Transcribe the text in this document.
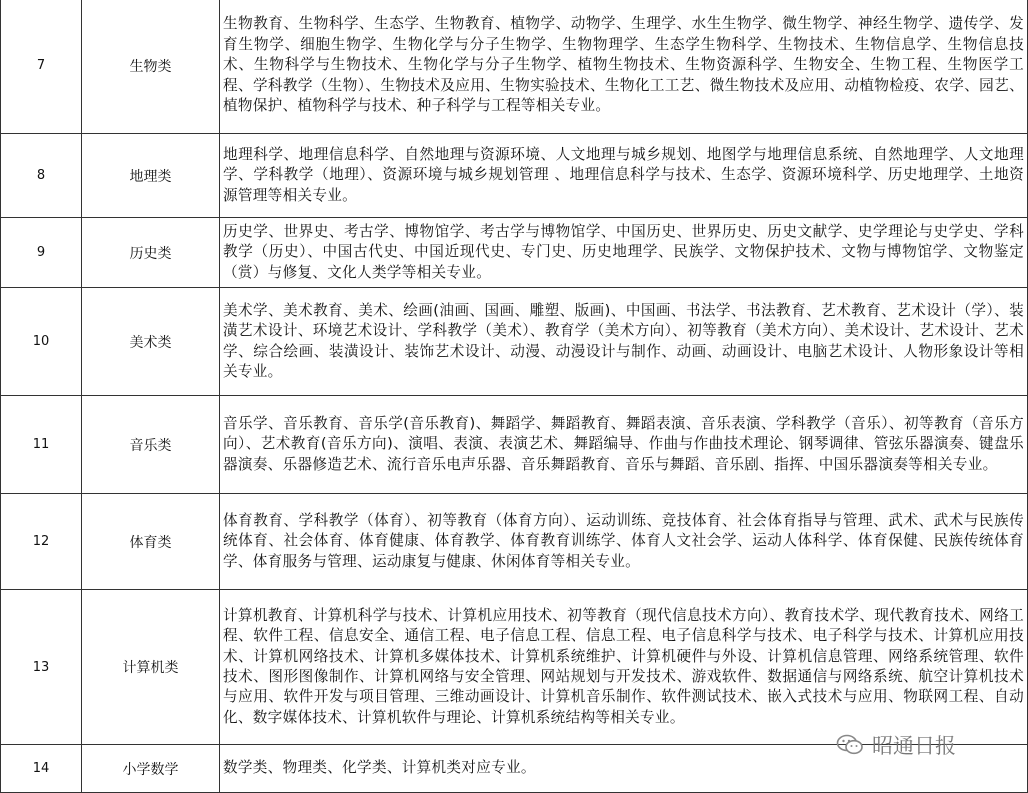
7	生物类	生物教育、生物科学、生态学、生物教育、植物学、动物学、生理学、水生生物学、微生物学、神经生物学、遗传学、发育生物学、细胞生物学、生物化学与分子生物学、生物物理学、生态学生物科学、生物技术、生物信息学、生物信息技术、生物科学与生物技术、生物化学与分子生物学、植物生物技术、生物资源科学、生物安全、生物工程、生物医学工程、学科教学（生物）、生物技术及应用、生物实验技术、生物化工工艺、微生物技术及应用、动植物检疫、农学、园艺、植物保护、植物科学与技术、种子科学与工程等相关专业。

8	地理类	地理科学、地理信息科学、自然地理与资源环境、人文地理与城乡规划、地图学与地理信息系统、自然地理学、人文地理学、学科教学（地理）、资源环境与城乡规划管理 、地理信息科学与技术、生态学、资源环境科学、历史地理学、土地资源管理等相关专业。

9	历史类	历史学、世界史、考古学、博物馆学、考古学与博物馆学、中国历史、世界历史、历史文献学、史学理论与史学史、学科教学（历史）、中国古代史、中国近现代史、专门史、历史地理学、民族学、文物保护技术、文物与博物馆学、文物鉴定（赏）与修复、文化人类学等相关专业。

10	美术类	美术学、美术教育、美术、绘画(油画、国画、雕塑、版画)、中国画、书法学、书法教育、艺术教育、艺术设计（学）、装潢艺术设计、环境艺术设计、学科教学（美术）、教育学（美术方向）、初等教育（美术方向）、美术设计、艺术设计、艺术学、综合绘画、装潢设计、装饰艺术设计、动漫、动漫设计与制作、动画、动画设计、电脑艺术设计、人物形象设计等相关专业。

11	音乐类	音乐学、音乐教育、音乐学(音乐教育)、舞蹈学、舞蹈教育、舞蹈表演、音乐表演、学科教学（音乐）、初等教育（音乐方向）、艺术教育(音乐方向)、演唱、表演、表演艺术、舞蹈编导、作曲与作曲技术理论、钢琴调律、管弦乐器演奏、键盘乐器演奏、乐器修造艺术、流行音乐电声乐器、音乐舞蹈教育、音乐与舞蹈、音乐剧、指挥、中国乐器演奏等相关专业。

12	体育类	体育教育、学科教学（体育）、初等教育（体育方向）、运动训练、竞技体育、社会体育指导与管理、武术、武术与民族传统体育、社会体育、体育健康、体育教学、体育教育训练学、体育人文社会学、运动人体科学、体育保健、民族传统体育学、体育服务与管理、运动康复与健康、休闲体育等相关专业。

13	计算机类	计算机教育、计算机科学与技术、计算机应用技术、初等教育（现代信息技术方向）、教育技术学、现代教育技术、网络工程、软件工程、信息安全、通信工程、电子信息工程、信息工程、电子信息科学与技术、电子科学与技术、计算机应用技术、计算机网络技术、计算机多媒体技术、计算机系统维护、计算机硬件与外设、计算机信息管理、网络系统管理、软件技术、图形图像制作、计算机网络与安全管理、网站规划与开发技术、游戏软件、数据通信与网络系统、航空计算机技术与应用、软件开发与项目管理、三维动画设计、计算机音乐制作、软件测试技术、嵌入式技术与应用、物联网工程、自动化、数字媒体技术、计算机软件与理论、计算机系统结构等相关专业。

14	小学数学	数学类、物理类、化学类、计算机类对应专业。
昭通日报
